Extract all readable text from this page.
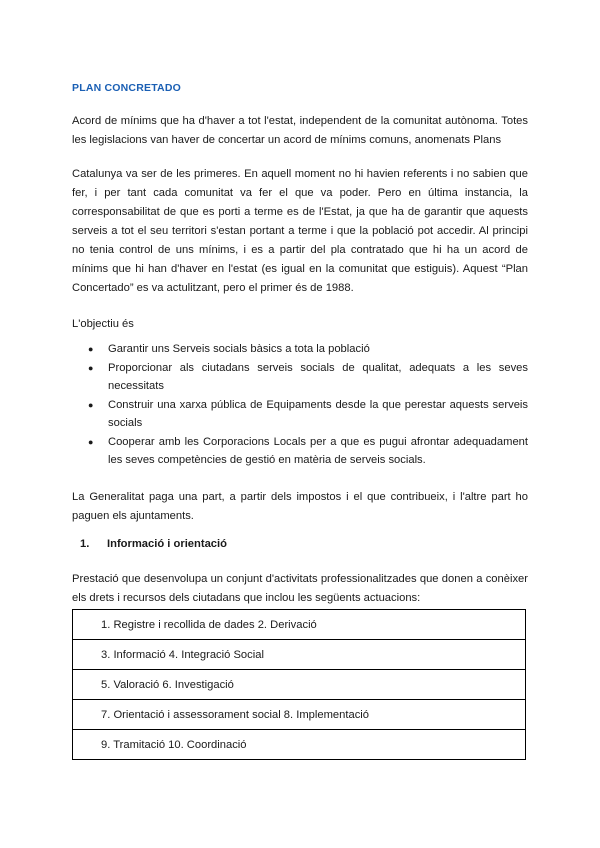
PLAN CONCRETADO

Acord de mínims que ha d'haver a tot l'estat, independent de la comunitat autònoma. Totes les legislacions van haver de concertar un acord de mínims comuns, anomenats Plans

Catalunya va ser de les primeres. En aquell moment no hi havien referents i no sabien que fer, i per tant cada comunitat va fer el que va poder. Pero en última instancia, la corresponsabilitat de que es porti a terme es de l'Estat, ja que ha de garantir que aquests serveis a tot el seu territori s'estan portant a terme i que la població pot accedir. Al principi no tenia control de uns mínims, i es a partir del pla contratado que hi ha un acord de mínims que hi han d'haver en l'estat (es igual en la comunitat que estiguis). Aquest “Plan Concertado” es va actulitzant, pero el primer és de 1988.

L'objectiu és

● Garantir uns Serveis socials bàsics a tota la població
● Proporcionar als ciutadans serveis socials de qualitat, adequats a les seves necessitats
● Construir una xarxa pública de Equipaments desde la que perestar aquests serveis socials
● Cooperar amb les Corporacions Locals per a que es pugui afrontar adequadament les seves competències de gestió en matèria de serveis socials.

La Generalitat paga una part, a partir dels impostos i el que contribueix, i l'altre part ho paguen els ajuntaments.

1. Informació i orientació

Prestació que desenvolupa un conjunt d'activitats professionalitzades que donen a conèixer els drets i recursos dels ciutadans que inclou les següents actuacions:

1. Registre i recollida de dades 2. Derivació
3. Informació 4. Integració Social
5. Valoració 6. Investigació
7. Orientació i assessorament social 8. Implementació
9. Tramitació 10. Coordinació
